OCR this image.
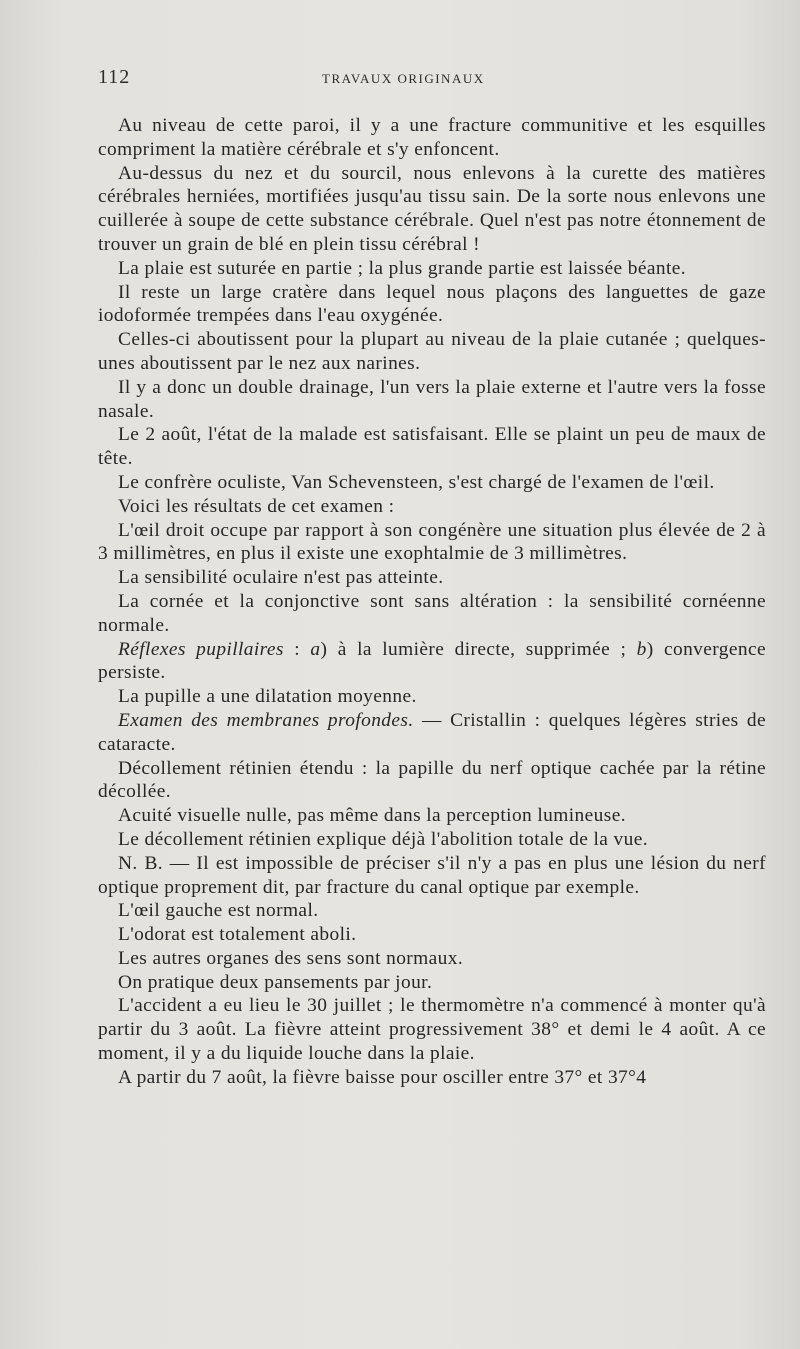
112	TRAVAUX ORIGINAUX

Au niveau de cette paroi, il y a une fracture communitive et les esquilles compriment la matière cérébrale et s'y enfoncent.

Au-dessus du nez et du sourcil, nous enlevons à la curette des matières cérébrales herniées, mortifiées jusqu'au tissu sain. De la sorte nous enlevons une cuillerée à soupe de cette substance cérébrale. Quel n'est pas notre étonnement de trouver un grain de blé en plein tissu cérébral !

La plaie est suturée en partie ; la plus grande partie est laissée béante.

Il reste un large cratère dans lequel nous plaçons des languettes de gaze iodoformée trempées dans l'eau oxygénée.

Celles-ci aboutissent pour la plupart au niveau de la plaie cutanée ; quelques-unes aboutissent par le nez aux narines.

Il y a donc un double drainage, l'un vers la plaie externe et l'autre vers la fosse nasale.

Le 2 août, l'état de la malade est satisfaisant. Elle se plaint un peu de maux de tête.

Le confrère oculiste, Van Schevensteen, s'est chargé de l'examen de l'œil.

Voici les résultats de cet examen :

L'œil droit occupe par rapport à son congénère une situation plus élevée de 2 à 3 millimètres, en plus il existe une exophtalmie de 3 millimètres.

La sensibilité oculaire n'est pas atteinte.

La cornée et la conjonctive sont sans altération : la sensibilité cornéenne normale.

Réflexes pupillaires : a) à la lumière directe, supprimée ; b) convergence persiste.

La pupille a une dilatation moyenne.

Examen des membranes profondes. — Cristallin : quelques légères stries de cataracte.

Décollement rétinien étendu : la papille du nerf optique cachée par la rétine décollée.

Acuité visuelle nulle, pas même dans la perception lumineuse.

Le décollement rétinien explique déjà l'abolition totale de la vue.

N. B. — Il est impossible de préciser s'il n'y a pas en plus une lésion du nerf optique proprement dit, par fracture du canal optique par exemple.

L'œil gauche est normal.

L'odorat est totalement aboli.

Les autres organes des sens sont normaux.

On pratique deux pansements par jour.

L'accident a eu lieu le 30 juillet ; le thermomètre n'a commencé à monter qu'à partir du 3 août. La fièvre atteint progressivement 38° et demi le 4 août. A ce moment, il y a du liquide louche dans la plaie.

A partir du 7 août, la fièvre baisse pour osciller entre 37° et 37°4
